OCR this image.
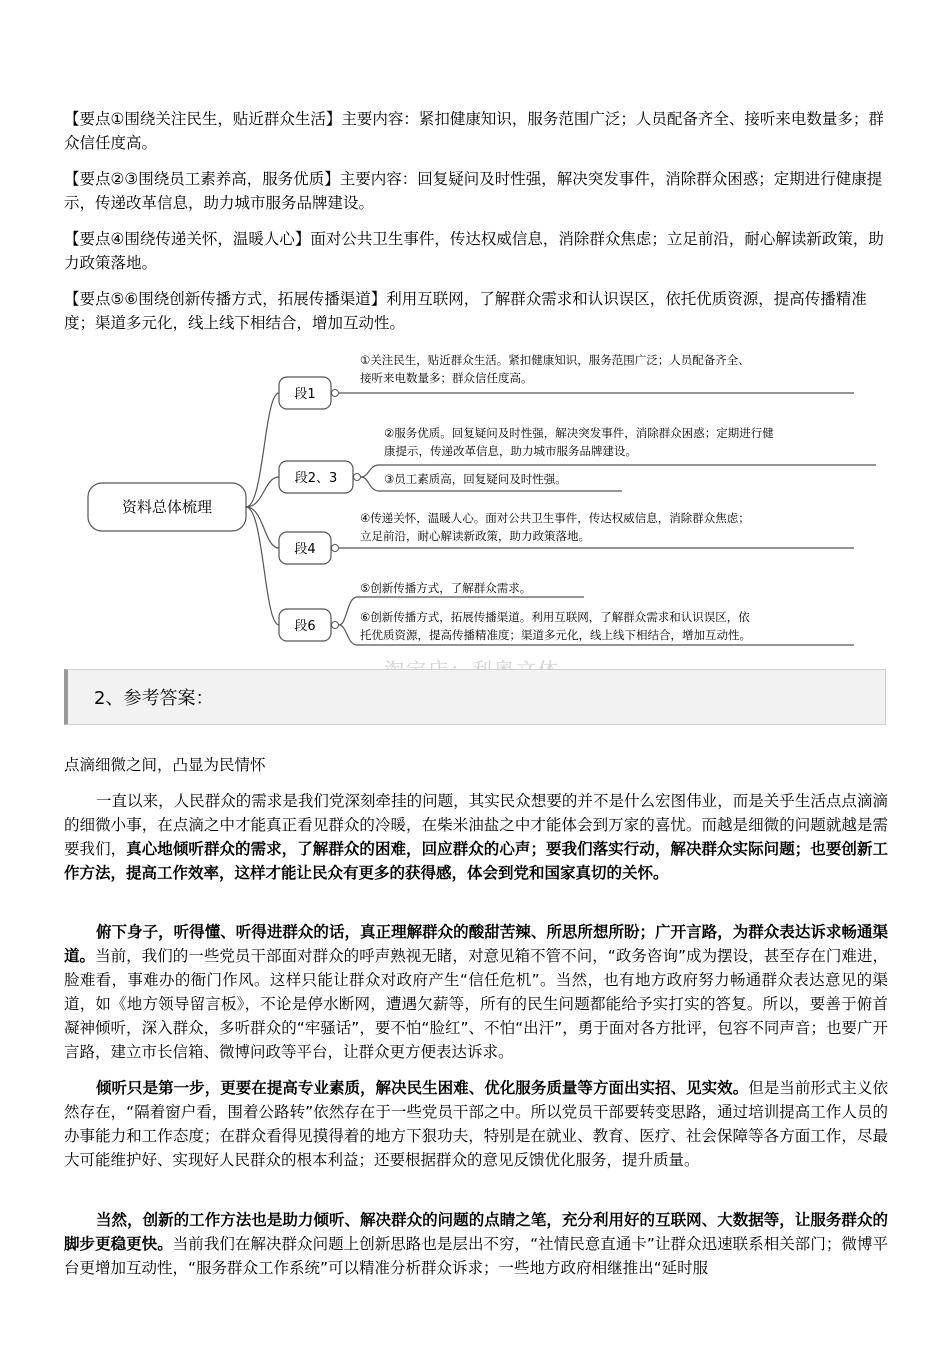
【要点①围绕关注民生，贴近群众生活】主要内容：紧扣健康知识，服务范围广泛；人员配备齐全、接听来电数量多；群众信任度高。

【要点②③围绕员工素养高，服务优质】主要内容：回复疑问及时性强，解决突发事件，消除群众困惑；定期进行健康提示，传递改革信息，助力城市服务品牌建设。

【要点④围绕传递关怀，温暖人心】面对公共卫生事件，传达权威信息，消除群众焦虑；立足前沿，耐心解读新政策，助力政策落地。

【要点⑤⑥围绕创新传播方式，拓展传播渠道】利用互联网，了解群众需求和认识误区，依托优质资源，提高传播精准度；渠道多元化，线上线下相结合，增加互动性。

资料总体梳理
段1
①关注民生，贴近群众生活。紧扣健康知识，服务范围广泛；人员配备齐全、
接听来电数量多；群众信任度高。
段2、3
②服务优质。回复疑问及时性强，解决突发事件，消除群众困惑；定期进行健
康提示，传递改革信息，助力城市服务品牌建设。
③员工素质高，回复疑问及时性强。
段4
④传递关怀，温暖人心。面对公共卫生事件，传达权威信息，消除群众焦虑；
立足前沿，耐心解读新政策，助力政策落地。
段6
⑤创新传播方式，了解群众需求。
⑥创新传播方式，拓展传播渠道。利用互联网，了解群众需求和认识误区，依
托优质资源，提高传播精准度；渠道多元化，线上线下相结合，增加互动性。
2、参考答案：

点滴细微之间，凸显为民情怀

一直以来，人民群众的需求是我们党深刻牵挂的问题，其实民众想要的并不是什么宏图伟业，而是关乎生活点点滴滴的细微小事，在点滴之中才能真正看见群众的冷暖，在柴米油盐之中才能体会到万家的喜忧。而越是细微的问题就越是需要我们，真心地倾听群众的需求，了解群众的困难，回应群众的心声；要我们落实行动，解决群众实际问题；也要创新工作方法，提高工作效率，这样才能让民众有更多的获得感，体会到党和国家真切的关怀。

俯下身子，听得懂、听得进群众的话，真正理解群众的酸甜苦辣、所思所想所盼；广开言路，为群众表达诉求畅通渠道。当前，我们的一些党员干部面对群众的呼声熟视无睹，对意见箱不管不问，“政务咨询”成为摆设，甚至存在门难进，脸难看，事难办的衙门作风。这样只能让群众对政府产生“信任危机”。当然，也有地方政府努力畅通群众表达意见的渠道，如《地方领导留言板》，不论是停水断网，遭遇欠薪等，所有的民生问题都能给予实打实的答复。所以，要善于俯首凝神倾听，深入群众，多听群众的“牢骚话”，要不怕“脸红”、不怕“出汗”，勇于面对各方批评，包容不同声音；也要广开言路，建立市长信箱、微博问政等平台，让群众更方便表达诉求。

倾听只是第一步，更要在提高专业素质，解决民生困难、优化服务质量等方面出实招、见实效。但是当前形式主义依然存在，“隔着窗户看，围着公路转”依然存在于一些党员干部之中。所以党员干部要转变思路，通过培训提高工作人员的办事能力和工作态度；在群众看得见摸得着的地方下狠功夫，特别是在就业、教育、医疗、社会保障等各方面工作，尽最大可能维护好、实现好人民群众的根本利益；还要根据群众的意见反馈优化服务，提升质量。

当然，创新的工作方法也是助力倾听、解决群众的问题的点睛之笔，充分利用好的互联网、大数据等，让服务群众的脚步更稳更快。当前我们在解决群众问题上创新思路也是层出不穷，“社情民意直通卡”让群众迅速联系相关部门；微博平台更增加互动性，“服务群众工作系统”可以精准分析群众诉求；一些地方政府相继推出“延时服
